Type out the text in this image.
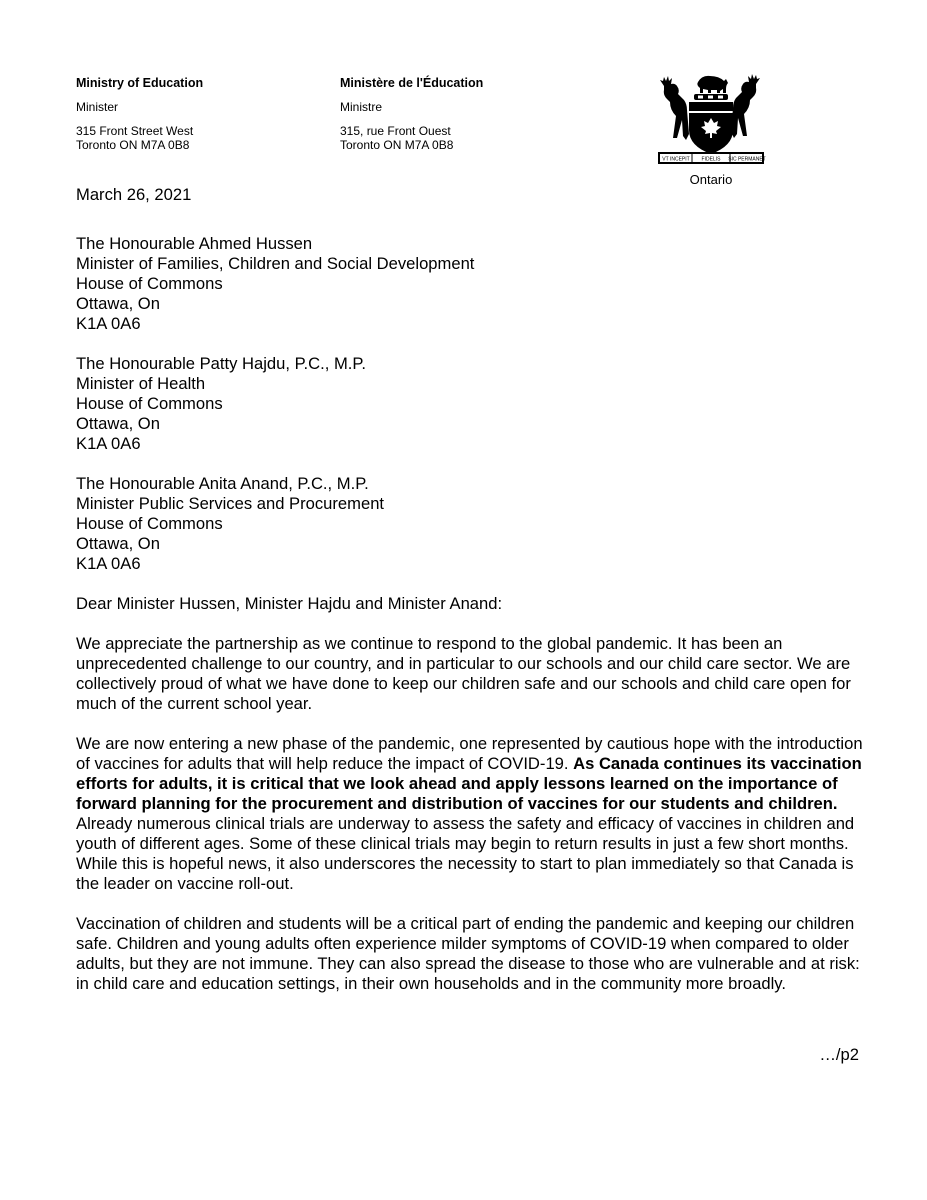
Ministry of Education
Minister
315 Front Street West
Toronto ON M7A 0B8
Ministère de l'Éducation
Ministre
315, rue Front Ouest
Toronto ON M7A 0B8
VT INCEPIT FIDELIS SIC PERMANET
Ontario

March 26, 2021

The Honourable Ahmed Hussen
Minister of Families, Children and Social Development
House of Commons
Ottawa, On
K1A 0A6

The Honourable Patty Hajdu, P.C., M.P.
Minister of Health
House of Commons
Ottawa, On
K1A 0A6

The Honourable Anita Anand, P.C., M.P.
Minister Public Services and Procurement
House of Commons
Ottawa, On
K1A 0A6

Dear Minister Hussen, Minister Hajdu and Minister Anand:

We appreciate the partnership as we continue to respond to the global pandemic. It has been an unprecedented challenge to our country, and in particular to our schools and our child care sector. We are collectively proud of what we have done to keep our children safe and our schools and child care open for much of the current school year.

We are now entering a new phase of the pandemic, one represented by cautious hope with the introduction of vaccines for adults that will help reduce the impact of COVID-19. As Canada continues its vaccination efforts for adults, it is critical that we look ahead and apply lessons learned on the importance of forward planning for the procurement and distribution of vaccines for our students and children. Already numerous clinical trials are underway to assess the safety and efficacy of vaccines in children and youth of different ages. Some of these clinical trials may begin to return results in just a few short months. While this is hopeful news, it also underscores the necessity to start to plan immediately so that Canada is the leader on vaccine roll-out.

Vaccination of children and students will be a critical part of ending the pandemic and keeping our children safe. Children and young adults often experience milder symptoms of COVID-19 when compared to older adults, but they are not immune. They can also spread the disease to those who are vulnerable and at risk: in child care and education settings, in their own households and in the community more broadly.

…/p2
